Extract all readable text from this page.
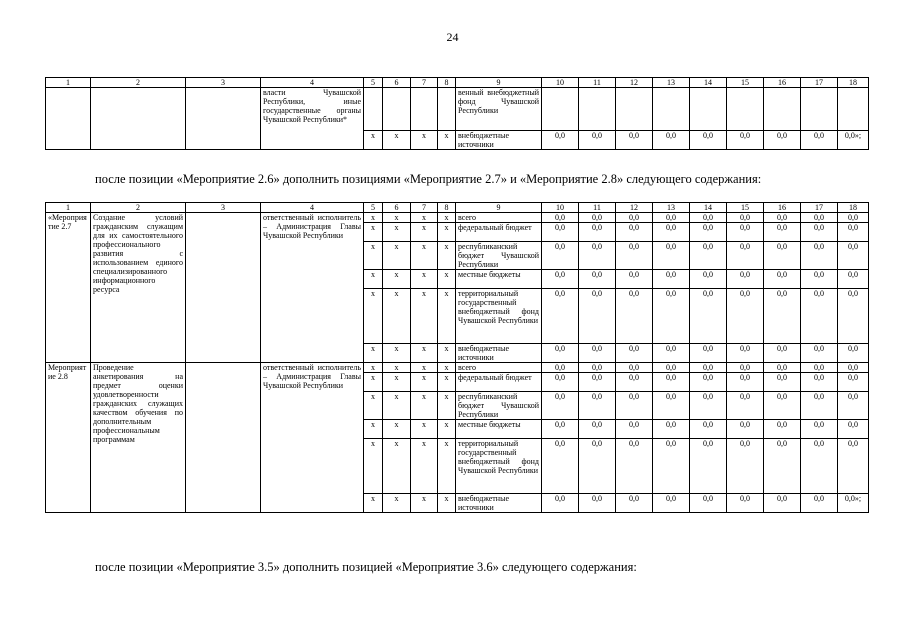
24
1	2	3	4	5	6	7	8	9	10	11	12	13	14	15	16	17	18
			власти Чувашской Республики, иные государственные органы Чувашской Республики*					венный внебюджетный фонд Чувашской Республики									
				х	х	х	х	внебюджетные источники	0,0	0,0	0,0	0,0	0,0	0,0	0,0	0,0	0,0»;
после позиции «Мероприятие 2.6» дополнить позициями «Мероприятие 2.7» и «Мероприятие 2.8» следующего содержания:
1	2	3	4	5	6	7	8	9	10	11	12	13	14	15	16	17	18
«Мероприятие 2.7	Создание условий гражданским служащим для их самостоятельного профессионального развития с использованием единого специализированного информационного ресурса		ответственный исполнитель – Администрация Главы Чувашской Республики	х	х	х	х	всего	0,0	0,0	0,0	0,0	0,0	0,0	0,0	0,0	0,0
				х	х	х	х	федеральный бюджет	0,0	0,0	0,0	0,0	0,0	0,0	0,0	0,0	0,0
				х	х	х	х	республиканский бюджет Чувашской Республики	0,0	0,0	0,0	0,0	0,0	0,0	0,0	0,0	0,0
				х	х	х	х	местные бюджеты	0,0	0,0	0,0	0,0	0,0	0,0	0,0	0,0	0,0
				х	х	х	х	территориальный государственный внебюджетный фонд Чувашской Республики	0,0	0,0	0,0	0,0	0,0	0,0	0,0	0,0	0,0
				х	х	х	х	внебюджетные источники	0,0	0,0	0,0	0,0	0,0	0,0	0,0	0,0	0,0
Мероприятие 2.8	Проведение анкетирования на предмет оценки удовлетворенности гражданских служащих качеством обучения по дополнительным профессиональным программам		ответственный исполнитель – Администрация Главы Чувашской Республики	х	х	х	х	всего	0,0	0,0	0,0	0,0	0,0	0,0	0,0	0,0	0,0
				х	х	х	х	федеральный бюджет	0,0	0,0	0,0	0,0	0,0	0,0	0,0	0,0	0,0
				х	х	х	х	республиканский бюджет Чувашской Республики	0,0	0,0	0,0	0,0	0,0	0,0	0,0	0,0	0,0
				х	х	х	х	местные бюджеты	0,0	0,0	0,0	0,0	0,0	0,0	0,0	0,0	0,0
				х	х	х	х	территориальный государственный внебюджетный фонд Чувашской Республики	0,0	0,0	0,0	0,0	0,0	0,0	0,0	0,0	0,0
				х	х	х	х	внебюджетные источники	0,0	0,0	0,0	0,0	0,0	0,0	0,0	0,0	0,0»;
после позиции «Мероприятие 3.5» дополнить позицией «Мероприятие 3.6» следующего содержания:
